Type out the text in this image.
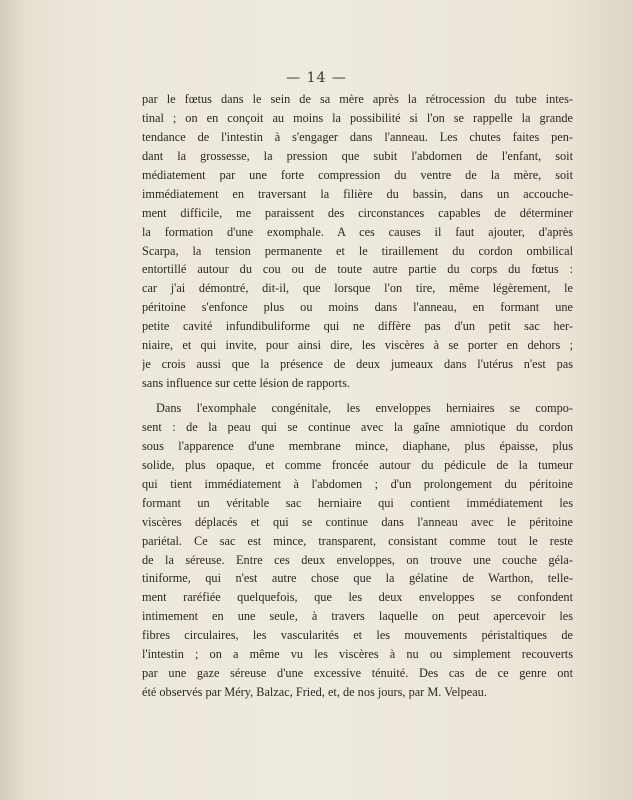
— 14 —
par le fœtus dans le sein de sa mère après la rétrocession du tube intes-
tinal ; on en conçoit au moins la possibilité si l'on se rappelle la grande
tendance de l'intestin à s'engager dans l'anneau. Les chutes faites pen-
dant la grossesse, la pression que subit l'abdomen de l'enfant, soit
médiatement par une forte compression du ventre de la mère, soit
immédiatement en traversant la filière du bassin, dans un accouche-
ment difficile, me paraissent des circonstances capables de déterminer
la formation d'une exomphale. A ces causes il faut ajouter, d'après
Scarpa, la tension permanente et le tiraillement du cordon ombilical
entortillé autour du cou ou de toute autre partie du corps du fœtus :
car j'ai démontré, dit-il, que lorsque l'on tire, même légèrement, le
péritoine s'enfonce plus ou moins dans l'anneau, en formant une
petite cavité infundibuliforme qui ne diffère pas d'un petit sac her-
niaire, et qui invite, pour ainsi dire, les viscères à se porter en dehors ;
je crois aussi que la présence de deux jumeaux dans l'utérus n'est pas
sans influence sur cette lésion de rapports.
Dans l'exomphale congénitale, les enveloppes herniaires se compo-
sent : de la peau qui se continue avec la gaîne amniotique du cordon
sous l'apparence d'une membrane mince, diaphane, plus épaisse, plus
solide, plus opaque, et comme froncée autour du pédicule de la tumeur
qui tient immédiatement à l'abdomen ; d'un prolongement du péritoine
formant un véritable sac herniaire qui contient immédiatement les
viscères déplacés et qui se continue dans l'anneau avec le péritoine
pariétal. Ce sac est mince, transparent, consistant comme tout le reste
de la séreuse. Entre ces deux enveloppes, on trouve une couche géla-
tiniforme, qui n'est autre chose que la gélatine de Warthon, telle-
ment raréfiée quelquefois, que les deux enveloppes se confondent
intimement en une seule, à travers laquelle on peut apercevoir les
fibres circulaires, les vascularités et les mouvements péristaltiques de
l'intestin ; on a même vu les viscères à nu ou simplement recouverts
par une gaze séreuse d'une excessive ténuité. Des cas de ce genre ont
été observés par Méry, Balzac, Fried, et, de nos jours, par M. Velpeau.
